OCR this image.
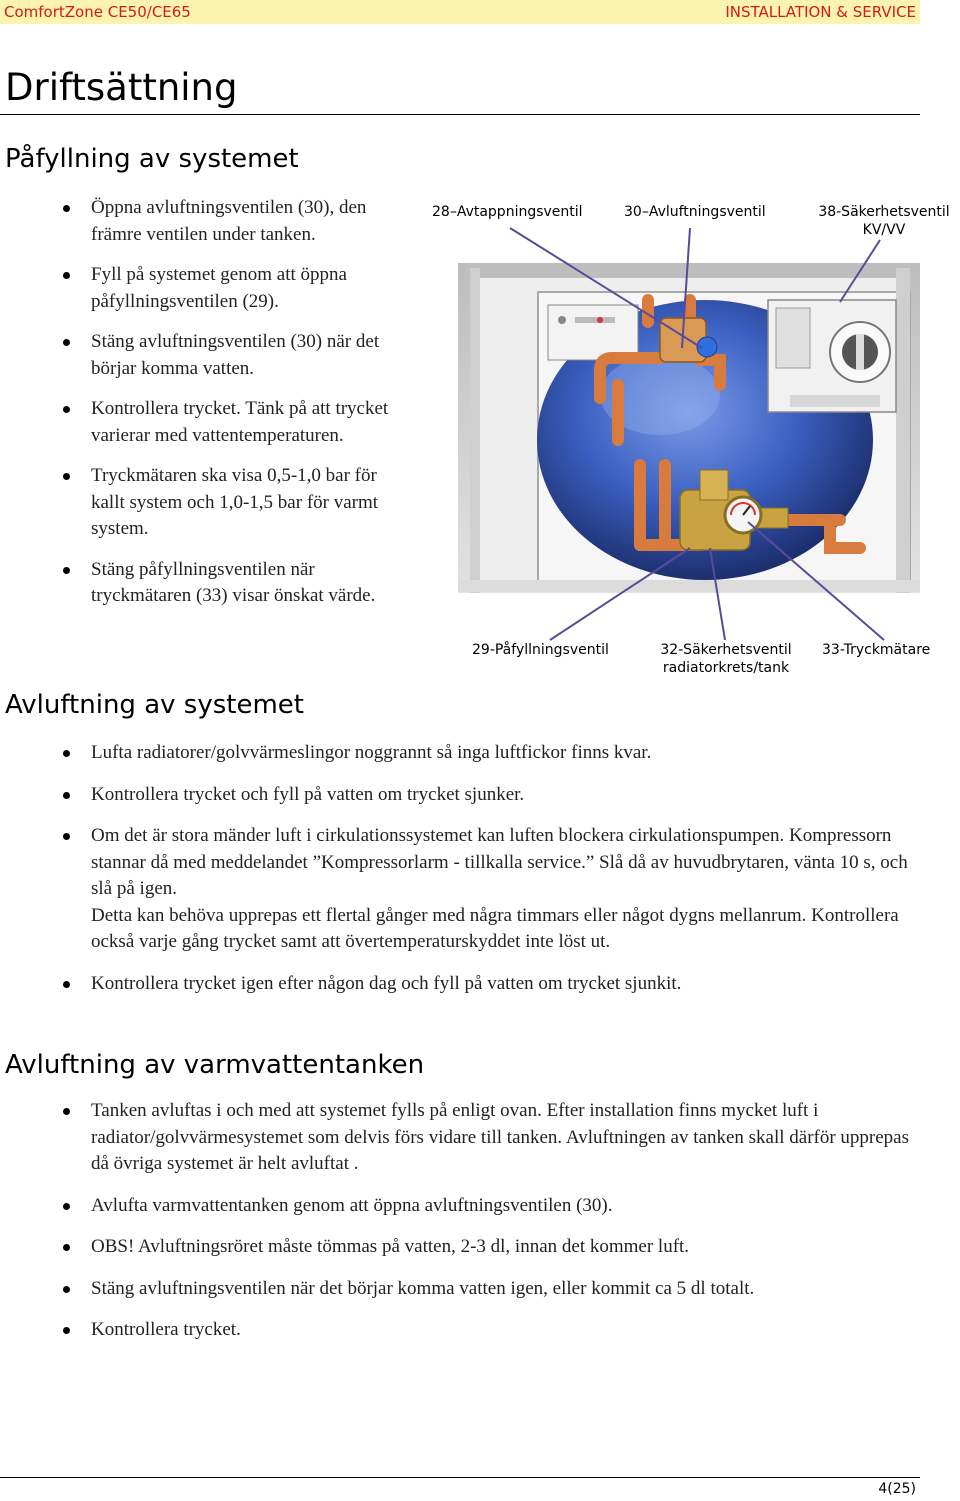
ComfortZone CE50/CE65	INSTALLATION & SERVICE
Driftsättning
Påfyllning av systemet
Öppna avluftningsventilen (30), den främre ventilen under tanken.
Fyll på systemet genom att öppna påfyllningsventilen (29).
Stäng avluftningsventilen (30) när det börjar komma vatten.
Kontrollera trycket. Tänk på att trycket varierar med vattentemperaturen.
Tryckmätaren ska visa 0,5-1,0 bar för kallt system och 1,0-1,5 bar för varmt system.
Stäng påfyllningsventilen när tryckmätaren (33) visar önskat värde.
28–Avtappningsventil	30–Avluftningsventil	38-Säkerhetsventil
KV/VV
29-Påfyllningsventil	32-Säkerhetsventil
radiatorkrets/tank
33-Tryckmätare
Avluftning av systemet
Lufta radiatorer/golvvärmeslingor noggrannt så inga luftfickor finns kvar.
Kontrollera trycket och fyll på vatten om trycket sjunker.
Om det är stora mänder luft i cirkulationssystemet kan luften blockera cirkulationspumpen. Kompressorn stannar då med meddelandet ”Kompressorlarm - tillkalla service.” Slå då av huvudbrytaren, vänta 10 s, och slå på igen.
Detta kan behöva upprepas ett flertal gånger med några timmars eller något dygns mellanrum. Kontrollera också varje gång trycket samt att övertemperaturskyddet inte löst ut.
Kontrollera trycket igen efter någon dag och fyll på vatten om trycket sjunkit.
Avluftning av varmvattentanken
Tanken avluftas i och med att systemet fylls på enligt ovan. Efter installation finns mycket luft i radiator/golvvärmesystemet som delvis förs vidare till tanken. Avluftningen av tanken skall därför upprepas då övriga systemet är helt avluftat .
Avlufta varmvattentanken genom att öppna avluftningsventilen (30).
OBS! Avluftningsröret måste tömmas på vatten, 2-3 dl, innan det kommer luft.
Stäng avluftningsventilen när det börjar komma vatten igen, eller kommit ca 5 dl totalt.
Kontrollera trycket.
4(25)
